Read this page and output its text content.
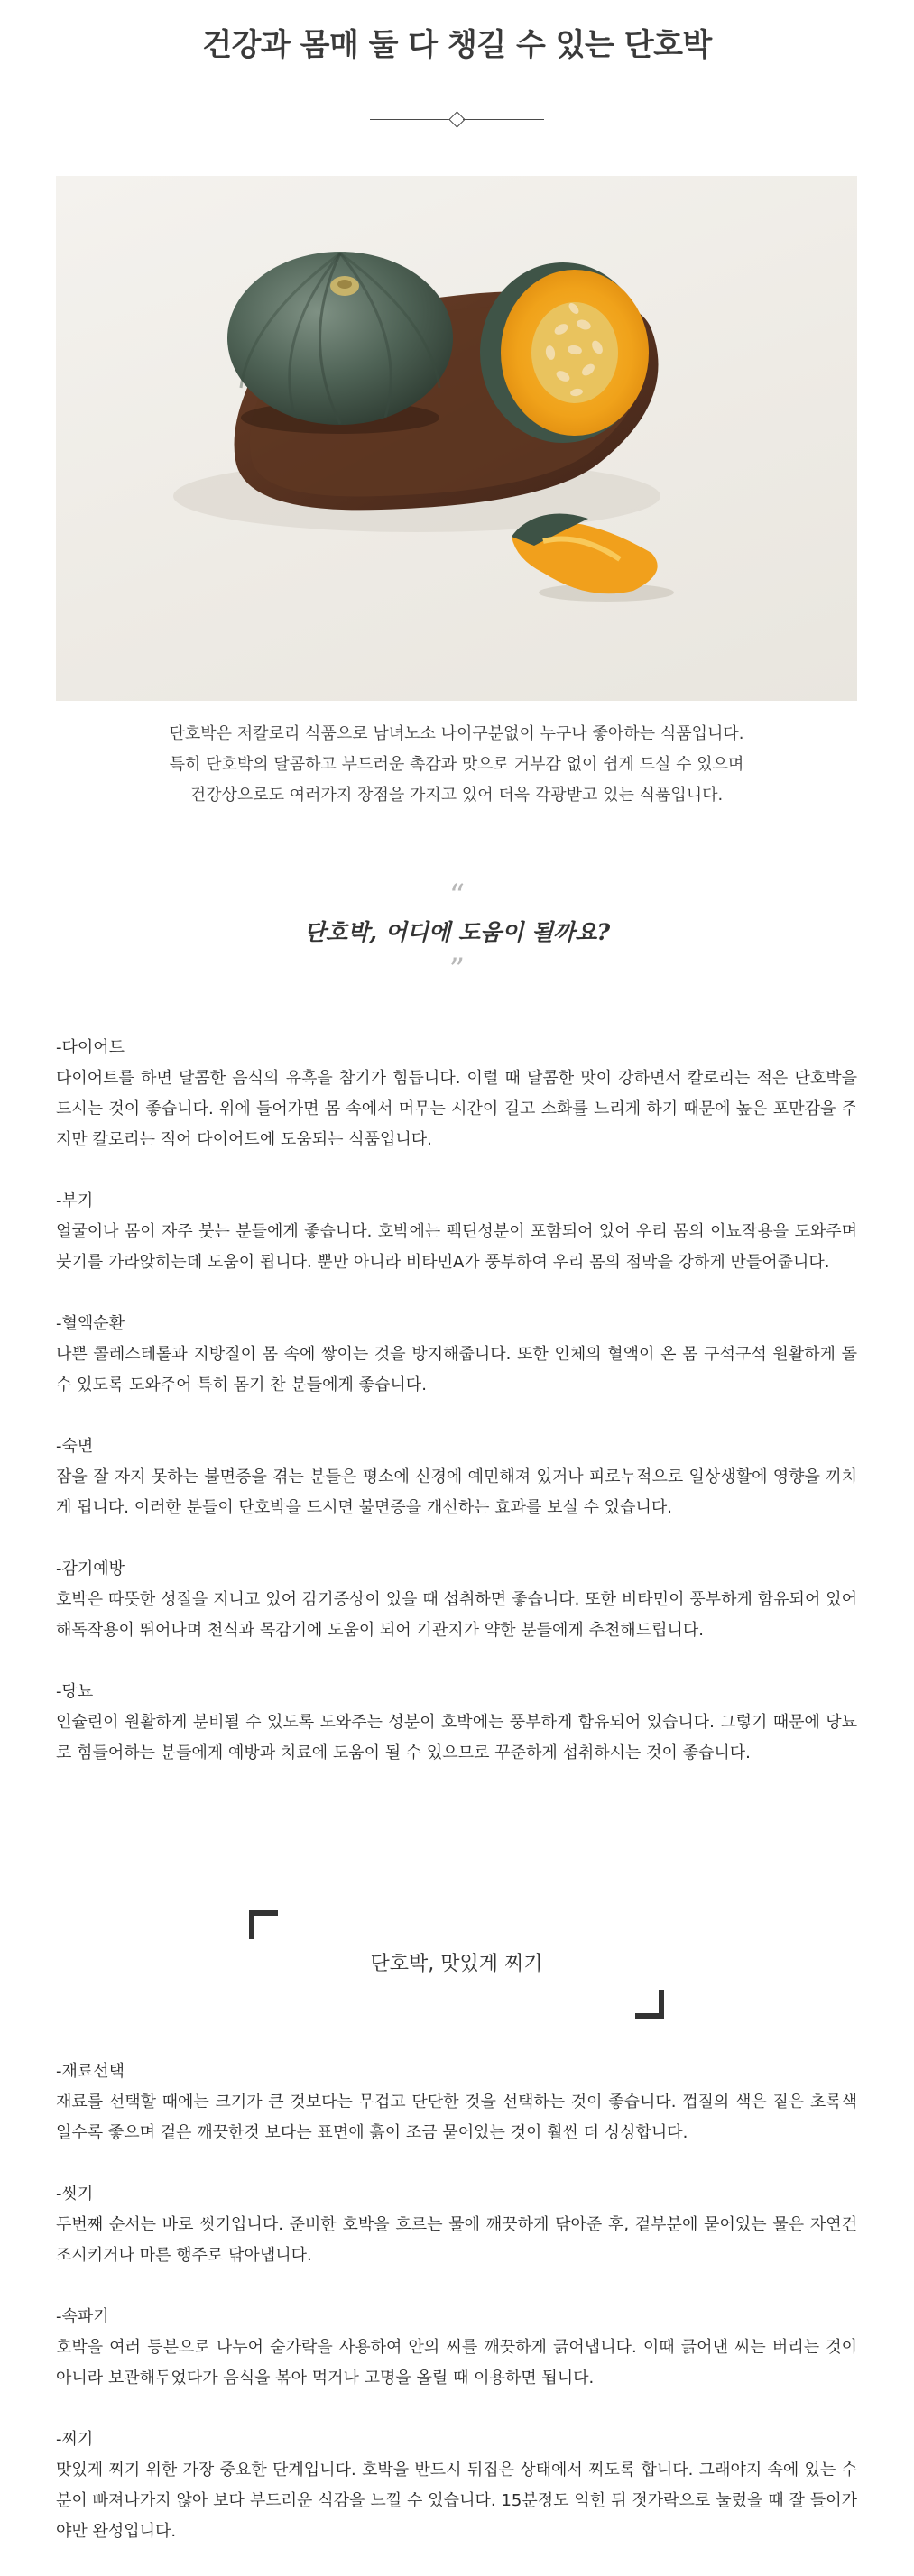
건강과 몸매 둘 다 챙길 수 있는 단호박

단호박은 저칼로리 식품으로 남녀노소 나이구분없이 누구나 좋아하는 식품입니다.

특히 단호박의 달콤하고 부드러운 촉감과 맛으로 거부감 없이 쉽게 드실 수 있으며

건강상으로도 여러가지 장점을 가지고 있어 더욱 각광받고 있는 식품입니다.

“
단호박, 어디에 도움이 될까요?
”
-다이어트
다이어트를 하면 달콤한 음식의 유혹을 참기가 힘듭니다. 이럴 때 달콤한 맛이 강하면서 칼로리는 적은 단호박을 드시는 것이 좋습니다. 위에 들어가면 몸 속에서 머무는 시간이 길고 소화를 느리게 하기 때문에 높은 포만감을 주지만 칼로리는 적어 다이어트에 도움되는 식품입니다.
-부기
얼굴이나 몸이 자주 붓는 분들에게 좋습니다. 호박에는 펙틴성분이 포함되어 있어 우리 몸의 이뇨작용을 도와주며 붓기를 가라앉히는데 도움이 됩니다. 뿐만 아니라 비타민A가 풍부하여 우리 몸의 점막을 강하게 만들어줍니다.
-혈액순환
나쁜 콜레스테롤과 지방질이 몸 속에 쌓이는 것을 방지해줍니다. 또한 인체의 혈액이 온 몸 구석구석 원활하게 돌 수 있도록 도와주어 특히 몸기 찬 분들에게 좋습니다.
-숙면
잠을 잘 자지 못하는 불면증을 겪는 분들은 평소에 신경에 예민해져 있거나 피로누적으로 일상생활에 영향을 끼치게 됩니다. 이러한 분들이 단호박을 드시면 불면증을 개선하는 효과를 보실 수 있습니다.
-감기예방
호박은 따뜻한 성질을 지니고 있어 감기증상이 있을 때 섭취하면 좋습니다. 또한 비타민이 풍부하게 함유되어 있어 해독작용이 뛰어나며 천식과 목감기에 도움이 되어 기관지가 약한 분들에게 추천해드립니다.
-당뇨
인슐린이 원활하게 분비될 수 있도록 도와주는 성분이 호박에는 풍부하게 함유되어 있습니다. 그렇기 때문에 당뇨로 힘들어하는 분들에게 예방과 치료에 도움이 될 수 있으므로 꾸준하게 섭취하시는 것이 좋습니다.
단호박, 맛있게 찌기
-재료선택
재료를 선택할 때에는 크기가 큰 것보다는 무겁고 단단한 것을 선택하는 것이 좋습니다. 껍질의 색은 짙은 초록색일수록 좋으며 겉은 깨끗한것 보다는 표면에 흙이 조금 묻어있는 것이 훨씬 더 싱싱합니다.
-씻기
두번째 순서는 바로 씻기입니다. 준비한 호박을 흐르는 물에 깨끗하게 닦아준 후, 겉부분에 묻어있는 물은 자연건조시키거나 마른 행주로 닦아냅니다.
-속파기
호박을 여러 등분으로 나누어 숟가락을 사용하여 안의 씨를 깨끗하게 긁어냅니다. 이때 긁어낸 씨는 버리는 것이 아니라 보관해두었다가 음식을 볶아 먹거나 고명을 올릴 때 이용하면 됩니다.
-찌기
맛있게 찌기 위한 가장 중요한 단계입니다. 호박을 반드시 뒤집은 상태에서 찌도록 합니다. 그래야지 속에 있는 수분이 빠져나가지 않아 보다 부드러운 식감을 느낄 수 있습니다. 15분정도 익힌 뒤 젓가락으로 눌렀을 때 잘 들어가야만 완성입니다.
